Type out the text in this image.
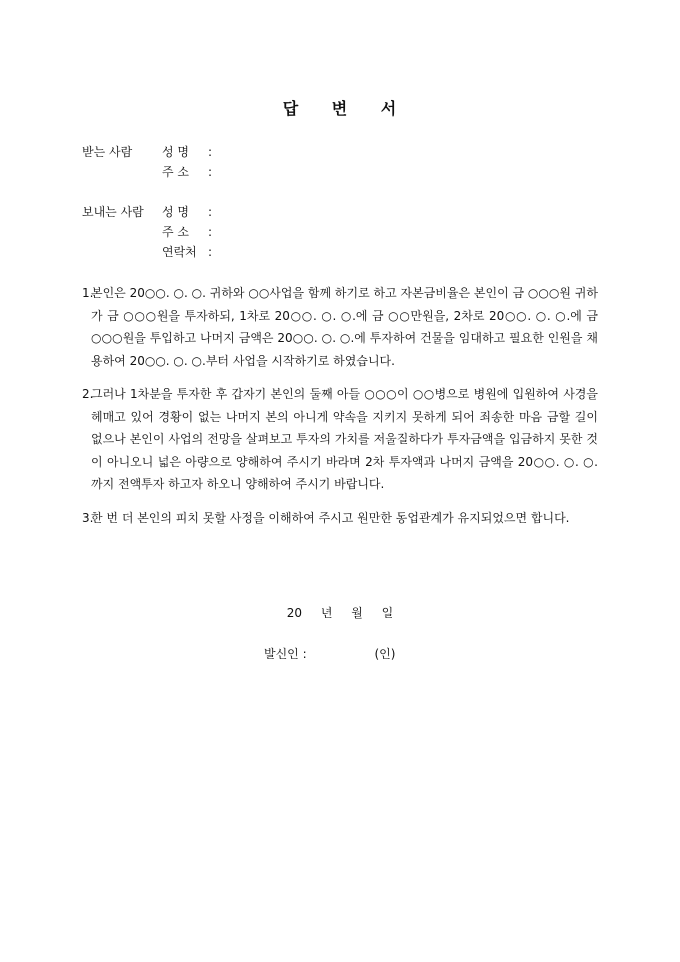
답 변 서
받는 사람	성 명	:
주 소	:
보내는 사람	성 명	:
주 소	:
연락처 :
1.
본인은 20○○. ○. ○. 귀하와 ○○사업을 함께 하기로 하고 자본금비율은 본인이 금 ○○○원 귀하가 금 ○○○원을 투자하되, 1차로 20○○. ○. ○.에 금 ○○만원을, 2차로 20○○. ○. ○.에 금 ○○○원을 투입하고 나머지 금액은 20○○. ○. ○.에 투자하여 건물을 임대하고 필요한 인원을 채용하여 20○○. ○. ○.부터 사업을 시작하기로 하였습니다.
2.
그러나 1차분을 투자한 후 갑자기 본인의 둘째 아들 ○○○이 ○○병으로 병원에 입원하여 사경을 헤매고 있어 경황이 없는 나머지 본의 아니게 약속을 지키지 못하게 되어 죄송한 마음 금할 길이 없으나 본인이 사업의 전망을 살펴보고 투자의 가치를 저울질하다가 투자금액을 입금하지 못한 것이 아니오니 넓은 아량으로 양해하여 주시기 바라며 2차 투자액과 나머지 금액을 20○○. ○. ○.까지 전액투자 하고자 하오니 양해하여 주시기 바랍니다.
3.
한 번 더 본인의 피치 못할 사정을 이해하여 주시고 원만한 동업관계가 유지되었으면 합니다.
20 년 월 일
발신인 :	(인)
